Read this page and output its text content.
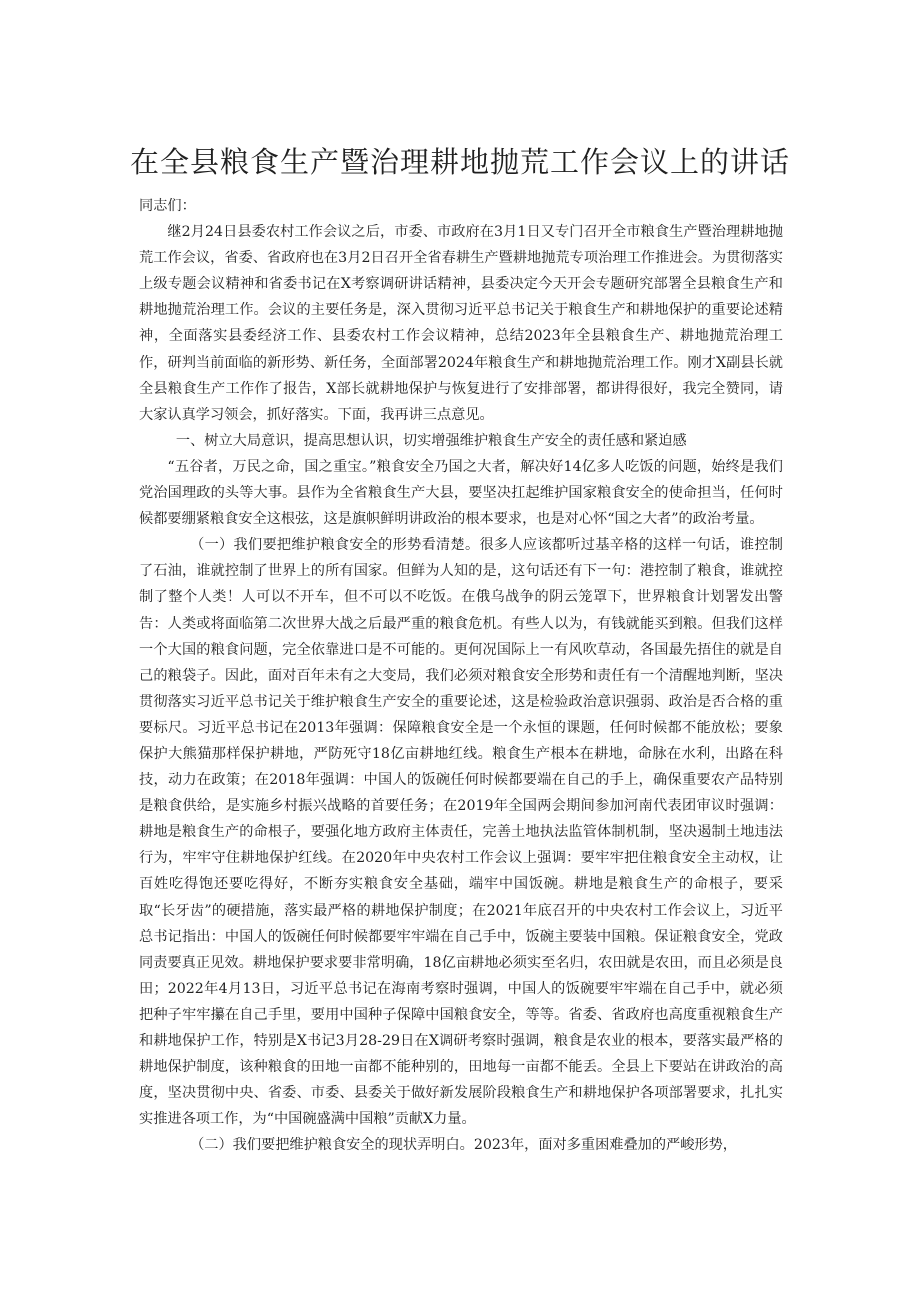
在全县粮食生产暨治理耕地抛荒工作会议上的讲话

同志们：

继2月24日县委农村工作会议之后，市委、市政府在3月1日又专门召开全市粮食生产暨治理耕地抛荒工作会议，省委、省政府也在3月2日召开全省春耕生产暨耕地抛荒专项治理工作推进会。为贯彻落实上级专题会议精神和省委书记在X考察调研讲话精神，县委决定今天开会专题研究部署全县粮食生产和耕地抛荒治理工作。会议的主要任务是，深入贯彻习近平总书记关于粮食生产和耕地保护的重要论述精神，全面落实县委经济工作、县委农村工作会议精神，总结2023年全县粮食生产、耕地抛荒治理工作，研判当前面临的新形势、新任务，全面部署2024年粮食生产和耕地抛荒治理工作。刚才X副县长就全县粮食生产工作作了报告，X部长就耕地保护与恢复进行了安排部署，都讲得很好，我完全赞同，请大家认真学习领会，抓好落实。下面，我再讲三点意见。

一、树立大局意识，提高思想认识，切实增强维护粮食生产安全的责任感和紧迫感

“五谷者，万民之命，国之重宝。”粮食安全乃国之大者，解决好14亿多人吃饭的问题，始终是我们党治国理政的头等大事。县作为全省粮食生产大县，要坚决扛起维护国家粮食安全的使命担当，任何时候都要绷紧粮食安全这根弦，这是旗帜鲜明讲政治的根本要求，也是对心怀“国之大者”的政治考量。

（一）我们要把维护粮食安全的形势看清楚。很多人应该都听过基辛格的这样一句话，谁控制了石油，谁就控制了世界上的所有国家。但鲜为人知的是，这句话还有下一句：港控制了粮食，谁就控制了整个人类！人可以不开车，但不可以不吃饭。在俄乌战争的阴云笼罩下，世界粮食计划署发出警告：人类或将面临第二次世界大战之后最严重的粮食危机。有些人以为，有钱就能买到粮。但我们这样一个大国的粮食问题，完全依靠进口是不可能的。更何况国际上一有风吹草动，各国最先捂住的就是自己的粮袋子。因此，面对百年未有之大变局，我们必须对粮食安全形势和责任有一个清醒地判断，坚决贯彻落实习近平总书记关于维护粮食生产安全的重要论述，这是检验政治意识强弱、政治是否合格的重要标尺。习近平总书记在2013年强调：保障粮食安全是一个永恒的课题，任何时候都不能放松；要象保护大熊猫那样保护耕地，严防死守18亿亩耕地红线。粮食生产根本在耕地，命脉在水利，出路在科技，动力在政策；在2018年强调：中国人的饭碗任何时候都要端在自己的手上，确保重要农产品特别是粮食供给，是实施乡村振兴战略的首要任务；在2019年全国两会期间参加河南代表团审议时强调：耕地是粮食生产的命根子，要强化地方政府主体责任，完善土地执法监管体制机制，坚决遏制土地违法行为，牢牢守住耕地保护红线。在2020年中央农村工作会议上强调：要牢牢把住粮食安全主动权，让百姓吃得饱还要吃得好，不断夯实粮食安全基础，端牢中国饭碗。耕地是粮食生产的命根子，要采取“长牙齿”的硬措施，落实最严格的耕地保护制度；在2021年底召开的中央农村工作会议上，习近平总书记指出：中国人的饭碗任何时候都要牢牢端在自己手中，饭碗主要装中国粮。保证粮食安全，党政同责要真正见效。耕地保护要求要非常明确，18亿亩耕地必须实至名归，农田就是农田，而且必须是良田；2022年4月13日，习近平总书记在海南考察时强调，中国人的饭碗要牢牢端在自己手中，就必须把种子牢牢攥在自己手里，要用中国种子保障中国粮食安全，等等。省委、省政府也高度重视粮食生产和耕地保护工作，特别是X书记3月28-29日在X调研考察时强调，粮食是农业的根本，要落实最严格的耕地保护制度，该种粮食的田地一亩都不能种别的，田地每一亩都不能丢。全县上下要站在讲政治的高度，坚决贯彻中央、省委、市委、县委关于做好新发展阶段粮食生产和耕地保护各项部署要求，扎扎实实推进各项工作，为“中国碗盛满中国粮”贡献X力量。

（二）我们要把维护粮食安全的现状弄明白。2023年，面对多重困难叠加的严峻形势，
